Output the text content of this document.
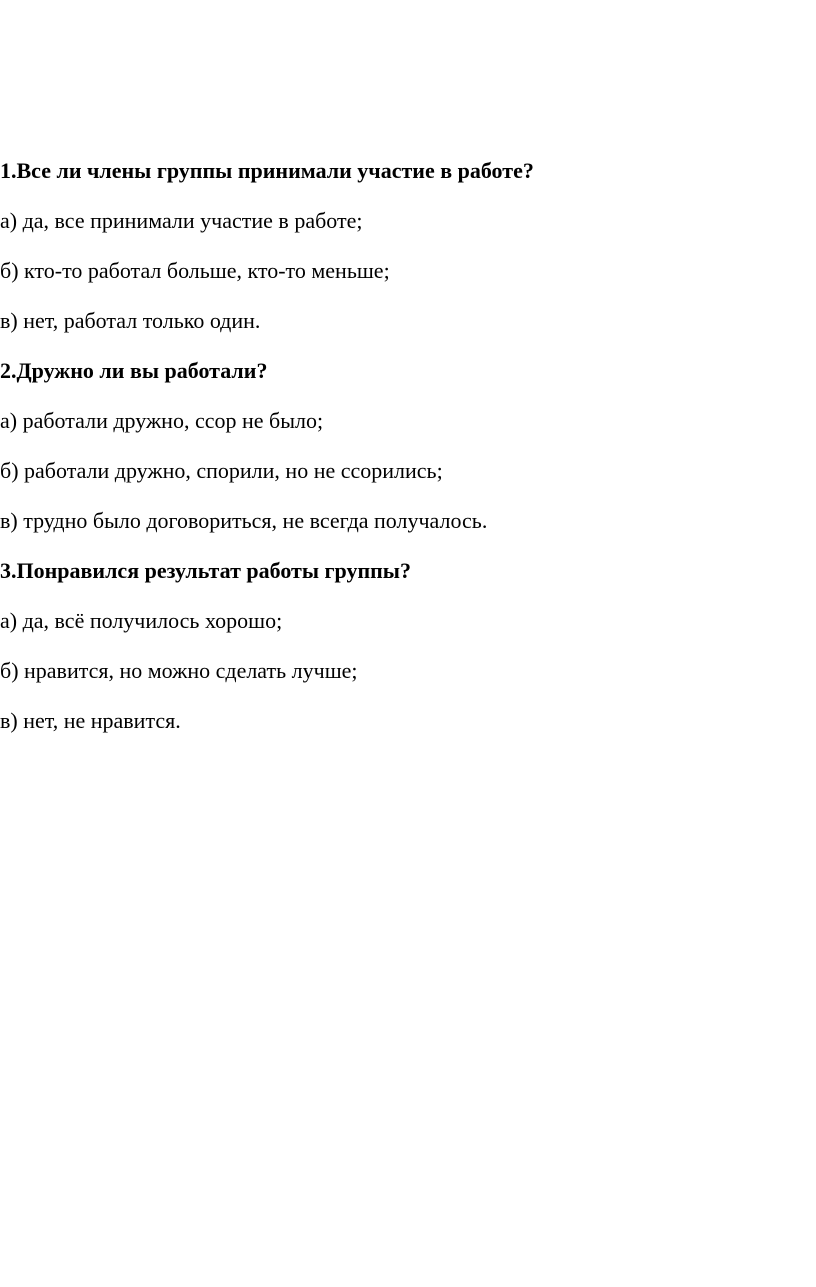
1.Все ли члены группы принимали участие в работе?
а) да, все принимали участие в работе;
б) кто-то работал больше, кто-то меньше;
в) нет, работал только один.
2.Дружно ли вы работали?
а) работали дружно, ссор не было;
б) работали дружно, спорили, но не ссорились;
в) трудно было договориться, не всегда получалось.
3.Понравился результат работы группы?
а) да, всё получилось хорошо;
б) нравится, но можно сделать лучше;
в) нет, не нравится.
